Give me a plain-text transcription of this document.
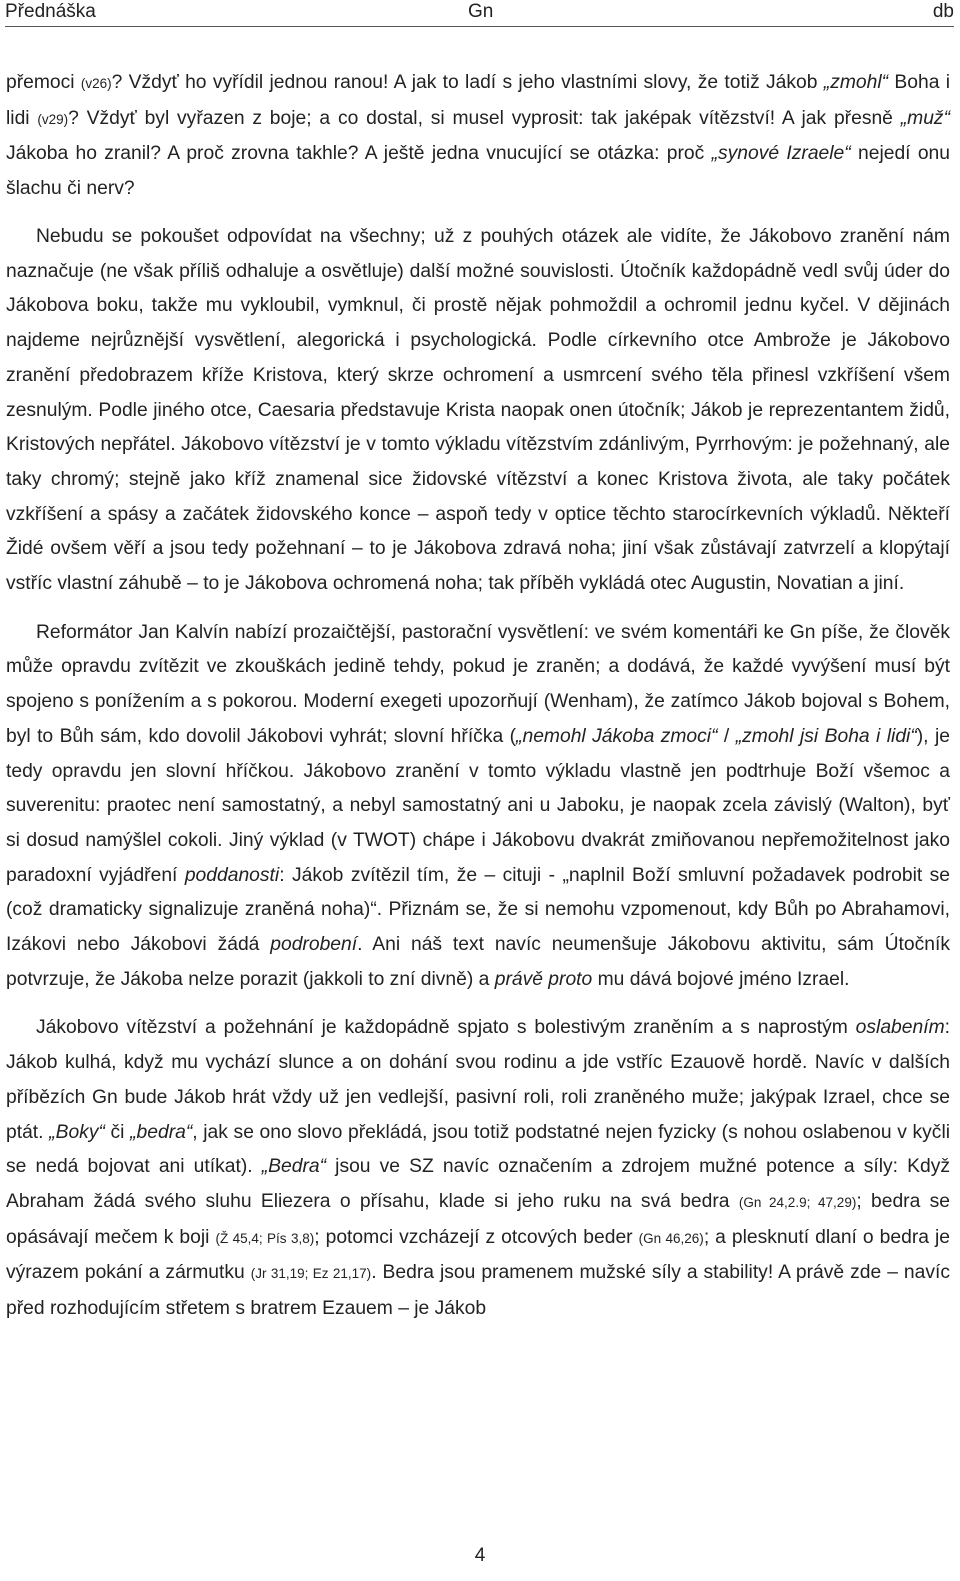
Přednáška	Gn	db

přemoci (v26)? Vždyť ho vyřídil jednou ranou! A jak to ladí s jeho vlastními slovy, že totiž Jákob „zmohl“ Boha i lidi (v29)? Vždyť byl vyřazen z boje; a co dostal, si musel vyprosit: tak jaképak vítězství! A jak přesně „muž“ Jákoba ho zranil? A proč zrovna takhle? A ještě jedna vnucující se otázka: proč „synové Izraele“ nejedí onu šlachu či nerv?

Nebudu se pokoušet odpovídat na všechny; už z pouhých otázek ale vidíte, že Jákobovo zranění nám naznačuje (ne však příliš odhaluje a osvětluje) další možné souvislosti. Útočník každopádně vedl svůj úder do Jákobova boku, takže mu vykloubil, vymknul, či prostě nějak pohmoždil a ochromil jednu kyčel. V dějinách najdeme nejrůznější vysvětlení, alegorická i psychologická. Podle církevního otce Ambrože je Jákobovo zranění předobrazem kříže Kristova, který skrze ochromení a usmrcení svého těla přinesl vzkříšení všem zesnulým. Podle jiného otce, Caesaria představuje Krista naopak onen útočník; Jákob je reprezentantem židů, Kristových nepřátel. Jákobovo vítězství je v tomto výkladu vítězstvím zdánlivým, Pyrrhovým: je požehnaný, ale taky chromý; stejně jako kříž znamenal sice židovské vítězství a konec Kristova života, ale taky počátek vzkříšení a spásy a začátek židovského konce – aspoň tedy v optice těchto starocírkevních výkladů. Někteří Židé ovšem věří a jsou tedy požehnaní – to je Jákobova zdravá noha; jiní však zůstávají zatvrzelí a klopýtají vstříc vlastní záhubě – to je Jákobova ochromená noha; tak příběh vykládá otec Augustin, Novatian a jiní.

Reformátor Jan Kalvín nabízí prozaičtější, pastorační vysvětlení: ve svém komentáři ke Gn píše, že člověk může opravdu zvítězit ve zkouškách jedině tehdy, pokud je zraněn; a dodává, že každé vyvýšení musí být spojeno s ponížením a s pokorou. Moderní exegeti upozorňují (Wenham), že zatímco Jákob bojoval s Bohem, byl to Bůh sám, kdo dovolil Jákobovi vyhrát; slovní hříčka („nemohl Jákoba zmoci“ / „zmohl jsi Boha i lidi“), je tedy opravdu jen slovní hříčkou. Jákobovo zranění v tomto výkladu vlastně jen podtrhuje Boží všemoc a suverenitu: praotec není samostatný, a nebyl samostatný ani u Jaboku, je naopak zcela závislý (Walton), byť si dosud namýšlel cokoli. Jiný výklad (v TWOT) chápe i Jákobovu dvakrát zmiňovanou nepřemožitelnost jako paradoxní vyjádření poddanosti: Jákob zvítězil tím, že – cituji - „naplnil Boží smluvní požadavek podrobit se (což dramaticky signalizuje zraněná noha)“. Přiznám se, že si nemohu vzpomenout, kdy Bůh po Abrahamovi, Izákovi nebo Jákobovi žádá podrobení. Ani náš text navíc neumenšuje Jákobovu aktivitu, sám Útočník potvrzuje, že Jákoba nelze porazit (jakkoli to zní divně) a právě proto mu dává bojové jméno Izrael.

Jákobovo vítězství a požehnání je každopádně spjato s bolestivým zraněním a s naprostým oslabením: Jákob kulhá, když mu vychází slunce a on dohání svou rodinu a jde vstříc Ezauově hordě. Navíc v dalších příbězích Gn bude Jákob hrát vždy už jen vedlejší, pasivní roli, roli zraněného muže; jakýpak Izrael, chce se ptát. „Boky“ či „bedra“, jak se ono slovo překládá, jsou totiž podstatné nejen fyzicky (s nohou oslabenou v kyčli se nedá bojovat ani utíkat). „Bedra“ jsou ve SZ navíc označením a zdrojem mužné potence a síly: Když Abraham žádá svého sluhu Eliezera o přísahu, klade si jeho ruku na svá bedra (Gn 24,2.9; 47,29); bedra se opásávají mečem k boji (Ž 45,4; Pís 3,8); potomci vzcházejí z otcových beder (Gn 46,26); a plesknutí dlaní o bedra je výrazem pokání a zármutku (Jr 31,19; Ez 21,17). Bedra jsou pramenem mužské síly a stability! A právě zde – navíc před rozhodujícím střetem s bratrem Ezauem – je Jákob

4
